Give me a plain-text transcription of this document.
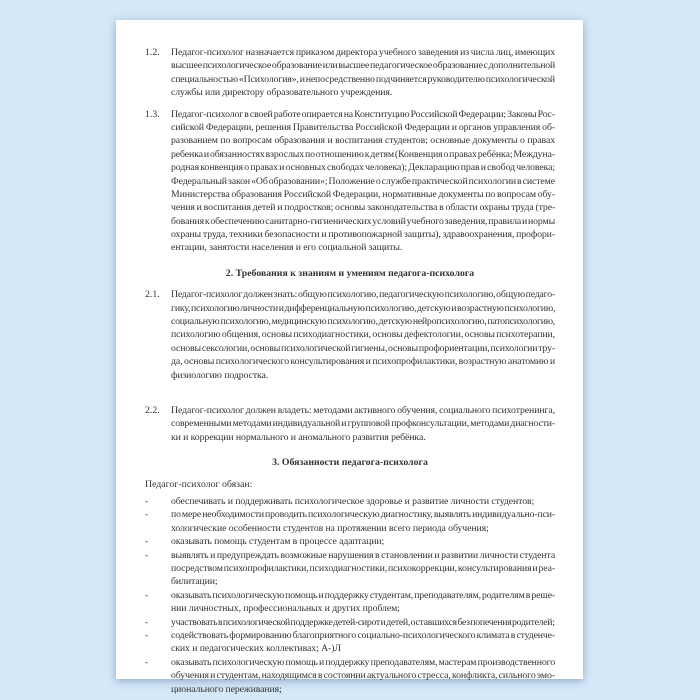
1.2.	Педагог-психолог назначается приказом директора учебного заведения из числа лиц, имеющих
высшее психологическое образование или высшее педагогическое образование с дополнительной
специальностью «Психология», и непосредственно подчиняется руководителю психологической
службы или директору образовательного учреждения.
1.3.	Педагог-психолог в своей работе опирается на Конституцию Российской Федерации; Законы Рос-
сийской Федерации, решения Правительства Российской Федерации и органов управления об-
разованием по вопросам образования и воспитания студентов; основные документы о правах
ребенка и обязанностях взрослых по отношению к детям (Конвенция о правах ребёнка; Междуна-
родная конвенция о правах и основных свободах человека); Декларацию прав и свобод человека;
Федеральный закон «Об образовании»; Положение о службе практической психологии в системе
Министерства образования Российской Федерации, нормативные документы по вопросам обу-
чения и воспитания детей и подростков; основы законодательства в области охраны труда (тре-
бования к обеспечению санитарно-гигиенических условий учебного заведения, правила и нормы
охраны труда, техники безопасности и противопожарной защиты), здравоохранения, профори-
ентации, занятости населения и его социальной защиты.
2. Требования к знаниям и умениям педагога-психолога
2.1.	Педагог-психолог должен знать: общую психологию, педагогическую психологию, общую педаго-
гику, психологию личности и дифференциальную психологию, детскую и возрастную психологию,
социальную психологию, медицинскую психологию, детскую нейропсихологию, патопсихологию,
психологию общения, основы психодиагностики, основы дефектологии, основы психотерапии,
основы сексологии, основы психологической гигиены, основы профориентации, психологии тру-
да, основы психологического консультирования и психопрофилактики, возрастную анатомию и
физиологию подростка.
2.2.	Педагог-психолог должен владеть: методами активного обучения, социального психотренинга,
современными методами индивидуальной и групповой профконсультации, методами диагности-
ки и коррекции нормального и аномального развития ребёнка.
3. Обязанности педагога-психолога
Педагог-психолог обязан:
-	обеспечивать и поддерживать психологическое здоровье и развитие личности студентов;
-	по мере необходимости проводить психологическую диагностику, выявлять индивидуально-пси-
хологические особенности студентов на протяжении всего периода обучения;
-	оказывать помощь студентам в процессе адаптации;
-	выявлять и предупреждать возможные нарушения в становлении и развитии личности студента
посредством психопрофилактики, психодиагностики, психокоррекции, консультирования и реа-
билитации;
-	оказывать психологическую помощь и поддержку студентам, преподавателям, родителям в реше-
нии личностных, профессиональных и других проблем;
-	участвовать в психологической поддержке детей-сирот и детей, оставшихся без попечения родителей;
-	содействовать формированию благоприятного социально-психологического климата в студенче-
ских и педагогических коллективах; А-)Л
-	оказывать психологическую помощь и поддержку преподавателям, мастерам производственного
обучения и студентам, находящимся в состоянии актуального стресса, конфликта, сильного эмо-
ционального переживания;
